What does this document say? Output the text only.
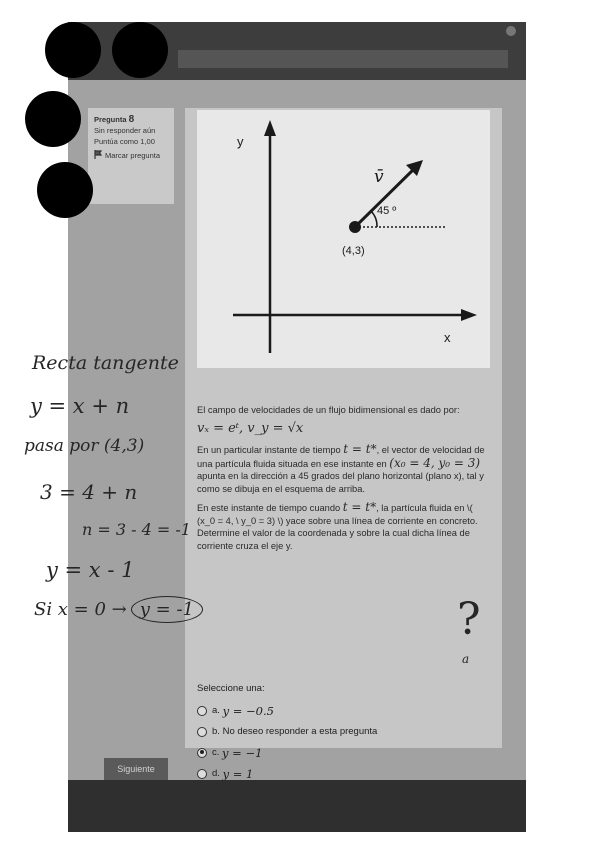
Pregunta 8
Sin responder aún
Puntúa como 1,00
Marcar pregunta
y
x
45 º
v̄
(4,3)

El campo de velocidades de un flujo bidimensional es dado por:

vₓ = eᵗ, v_y = √x

En un particular instante de tiempo t = t*, el vector de velocidad de una partícula fluida situada en ese instante en (x₀ = 4, y₀ = 3) apunta en la dirección a 45 grados del plano horizontal (plano x), tal y como se dibuja en el esquema de arriba.

En este instante de tiempo cuando t = t*, la partícula fluida en \( (x_0 = 4, \ y_0 = 3) \) yace sobre una línea de corriente en concreto. Determine el valor de la coordenada y sobre la cual dicha línea de corriente cruza el eje y.

Seleccione una:
a.
y = −0.5
b.
No deseo responder a esta pregunta
c.
y = −1
d.
y = 1

Siguiente
Recta tangente
y = x + n
pasa por (4,3)
3 = 4 + n
n = 3 - 4 = -1
y = x - 1
Si x = 0 → y = -1	?
a
